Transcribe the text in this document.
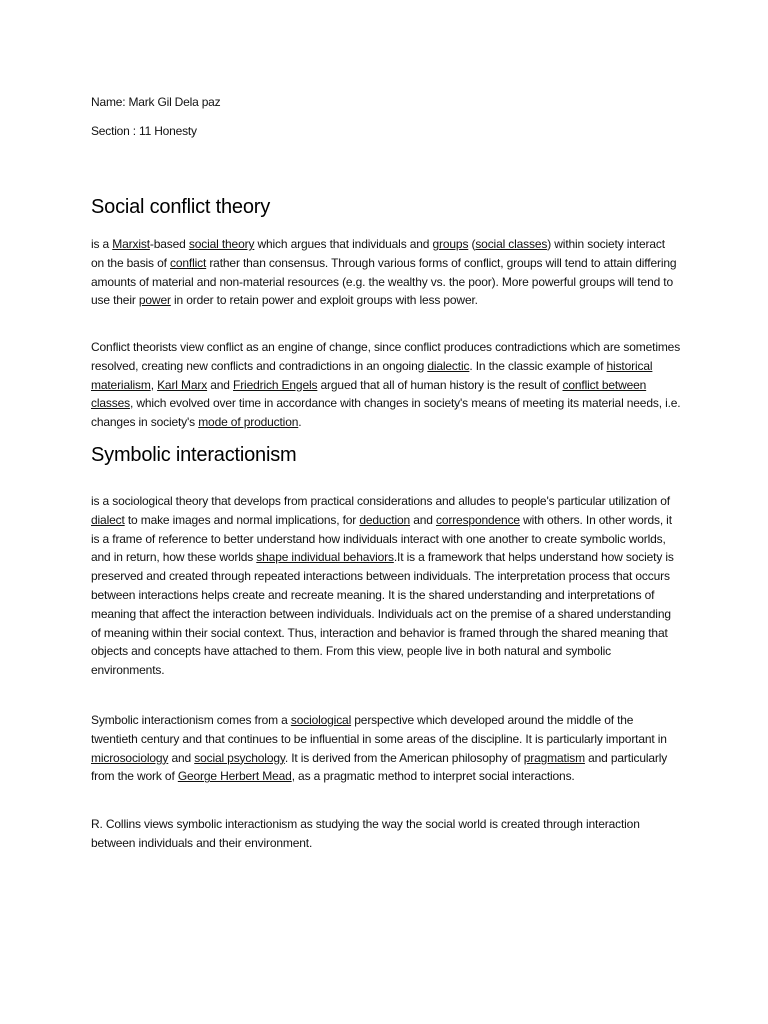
Name: Mark Gil Dela paz
Section : 11 Honesty
Social conflict theory

is a Marxist-based social theory which argues that individuals and groups (social classes) within society interact on the basis of conflict rather than consensus. Through various forms of conflict, groups will tend to attain differing amounts of material and non-material resources (e.g. the wealthy vs. the poor). More powerful groups will tend to use their power in order to retain power and exploit groups with less power.

Conflict theorists view conflict as an engine of change, since conflict produces contradictions which are sometimes resolved, creating new conflicts and contradictions in an ongoing dialectic. In the classic example of historical materialism, Karl Marx and Friedrich Engels argued that all of human history is the result of conflict between classes, which evolved over time in accordance with changes in society's means of meeting its material needs, i.e. changes in society's mode of production.

Symbolic interactionism

is a sociological theory that develops from practical considerations and alludes to people's particular utilization of dialect to make images and normal implications, for deduction and correspondence with others. In other words, it is a frame of reference to better understand how individuals interact with one another to create symbolic worlds, and in return, how these worlds shape individual behaviors.It is a framework that helps understand how society is preserved and created through repeated interactions between individuals. The interpretation process that occurs between interactions helps create and recreate meaning. It is the shared understanding and interpretations of meaning that affect the interaction between individuals. Individuals act on the premise of a shared understanding of meaning within their social context. Thus, interaction and behavior is framed through the shared meaning that objects and concepts have attached to them. From this view, people live in both natural and symbolic environments.

Symbolic interactionism comes from a sociological perspective which developed around the middle of the twentieth century and that continues to be influential in some areas of the discipline. It is particularly important in microsociology and social psychology. It is derived from the American philosophy of pragmatism and particularly from the work of George Herbert Mead, as a pragmatic method to interpret social interactions.

R. Collins views symbolic interactionism as studying the way the social world is created through interaction between individuals and their environment.
